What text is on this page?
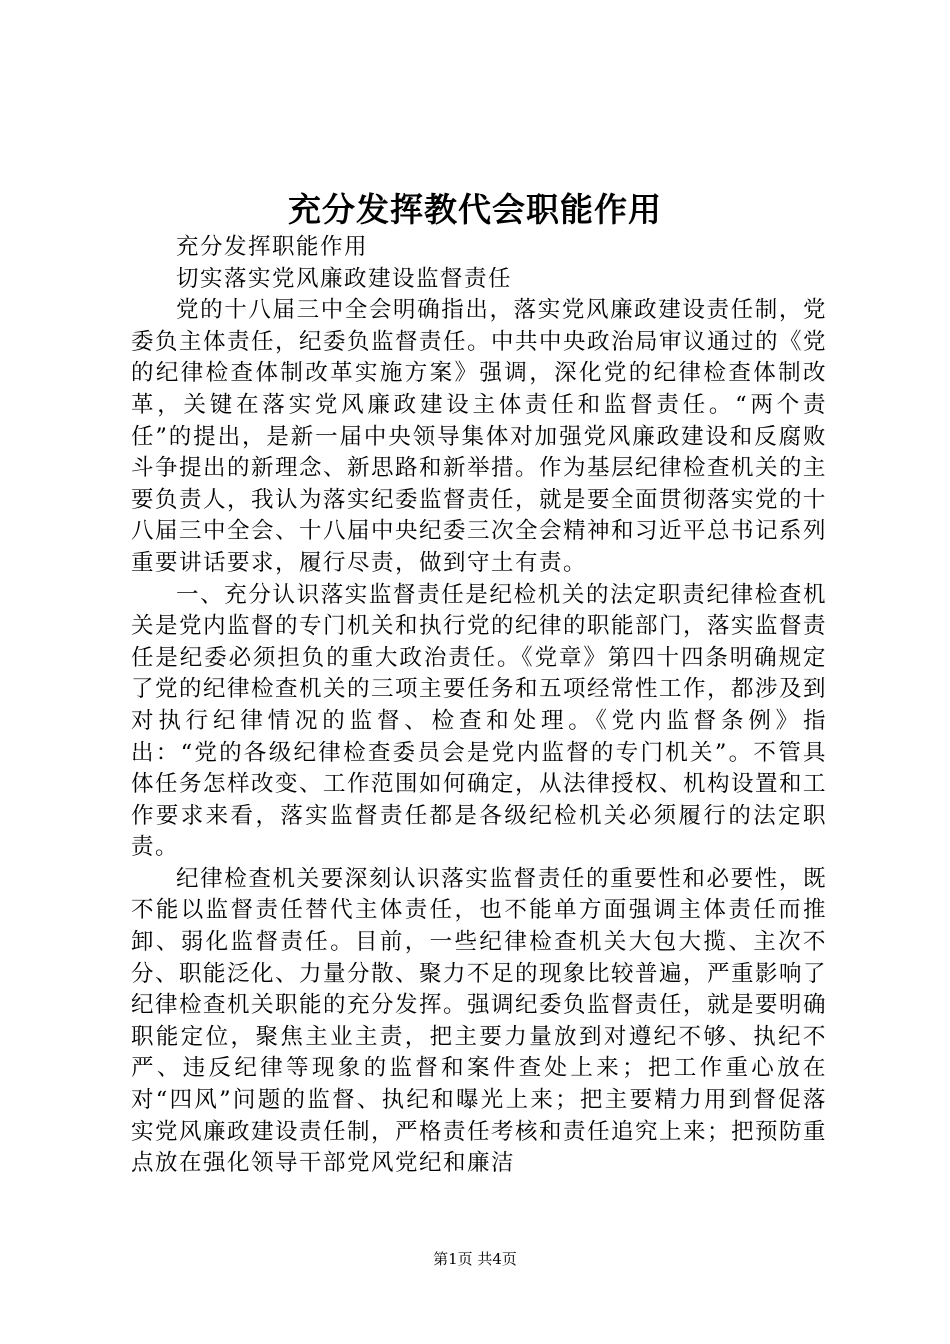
充分发挥教代会职能作用

充分发挥职能作用

切实落实党风廉政建设监督责任

党的十八届三中全会明确指出，落实党风廉政建设责任制，党委负主体责任，纪委负监督责任。中共中央政治局审议通过的《党的纪律检查体制改革实施方案》强调，深化党的纪律检查体制改革，关键在落实党风廉政建设主体责任和监督责任。“两个责任”的提出，是新一届中央领导集体对加强党风廉政建设和反腐败斗争提出的新理念、新思路和新举措。作为基层纪律检查机关的主要负责人，我认为落实纪委监督责任，就是要全面贯彻落实党的十八届三中全会、十八届中央纪委三次全会精神和习近平总书记系列重要讲话要求，履行尽责，做到守土有责。

一、充分认识落实监督责任是纪检机关的法定职责纪律检查机关是党内监督的专门机关和执行党的纪律的职能部门，落实监督责任是纪委必须担负的重大政治责任。《党章》第四十四条明确规定了党的纪律检查机关的三项主要任务和五项经常性工作，都涉及到对执行纪律情况的监督、检查和处理。《党内监督条例》指出：“党的各级纪律检查委员会是党内监督的专门机关”。不管具体任务怎样改变、工作范围如何确定，从法律授权、机构设置和工作要求来看，落实监督责任都是各级纪检机关必须履行的法定职责。

纪律检查机关要深刻认识落实监督责任的重要性和必要性，既不能以监督责任替代主体责任，也不能单方面强调主体责任而推卸、弱化监督责任。目前，一些纪律检查机关大包大揽、主次不分、职能泛化、力量分散、聚力不足的现象比较普遍，严重影响了纪律检查机关职能的充分发挥。强调纪委负监督责任，就是要明确职能定位，聚焦主业主责，把主要力量放到对遵纪不够、执纪不严、违反纪律等现象的监督和案件查处上来；把工作重心放在对“四风”问题的监督、执纪和曝光上来；把主要精力用到督促落实党风廉政建设责任制，严格责任考核和责任追究上来；把预防重点放在强化领导干部党风党纪和廉洁

第1页 共4页
